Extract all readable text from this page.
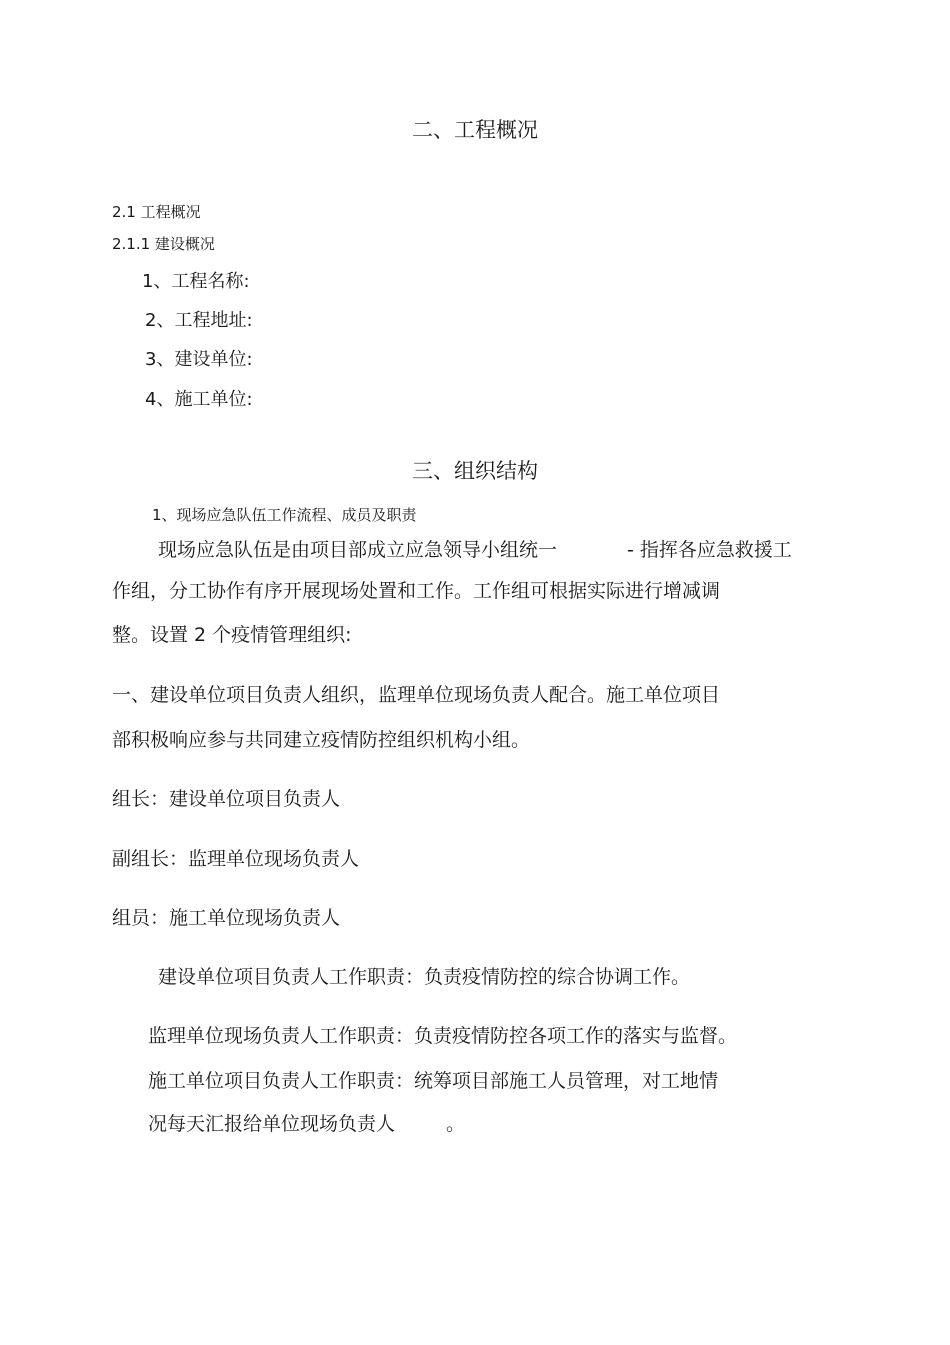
二、工程概况
2.1 工程概况
2.1.1 建设概况
1、工程名称:
2、工程地址:
3、建设单位:
4、施工单位:
三、组织结构
1、现场应急队伍工作流程、成员及职责
现场应急队伍是由项目部成立应急领导小组统一	- 指挥各应急救援工
作组，分工协作有序开展现场处置和工作。工作组可根据实际进行增减调
整。设置 2 个疫情管理组织:
一、建设单位项目负责人组织，监理单位现场负责人配合。施工单位项目
部积极响应参与共同建立疫情防控组织机构小组。
组长：建设单位项目负责人
副组长：监理单位现场负责人
组员：施工单位现场负责人
建设单位项目负责人工作职责：负责疫情防控的综合协调工作。
监理单位现场负责人工作职责：负责疫情防控各项工作的落实与监督。
施工单位项目负责人工作职责：统筹项目部施工人员管理，对工地情
况每天汇报给单位现场负责人	。
